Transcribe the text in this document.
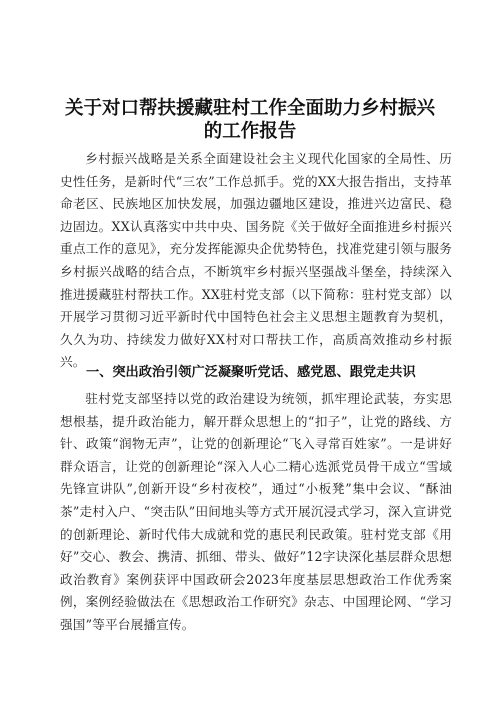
关于对口帮扶援藏驻村工作全面助力乡村振兴
的工作报告

乡村振兴战略是关系全面建设社会主义现代化国家的全局性、历史性任务，是新时代“三农”工作总抓手。党的XX大报告指出，支持革命老区、民族地区加快发展，加强边疆地区建设，推进兴边富民、稳边固边。XX认真落实中共中央、国务院《关于做好全面推进乡村振兴重点工作的意见》，充分发挥能源央企优势特色，找准党建引领与服务乡村振兴战略的结合点，不断筑牢乡村振兴坚强战斗堡垒，持续深入推进援藏驻村帮扶工作。XX驻村党支部（以下简称：驻村党支部）以开展学习贯彻习近平新时代中国特色社会主义思想主题教育为契机，久久为功、持续发力做好XX村对口帮扶工作，高质高效推动乡村振兴。

一、突出政治引领广泛凝聚听党话、感党恩、跟党走共识

驻村党支部坚持以党的政治建设为统领，抓牢理论武装，夯实思想根基，提升政治能力，解开群众思想上的“扣子”，让党的路线、方针、政策“润物无声”，让党的创新理论“飞入寻常百姓家”。一是讲好群众语言，让党的创新理论“深入人心二精心选派党员骨干成立“雪域先锋宣讲队”,创新开设“乡村夜校”，通过“小板凳”集中会议、“酥油茶”走村入户、“突击队”田间地头等方式开展沉浸式学习，深入宣讲党的创新理论、新时代伟大成就和党的惠民利民政策。驻村党支部《用好”交心、教会、携清、抓细、带头、做好”12字诀深化基层群众思想政治教育》案例获评中国政研会2023年度基层思想政治工作优秀案例，案例经验做法在《思想政治工作研究》杂志、中国理论网、“学习强国”等平台展播宣传。
